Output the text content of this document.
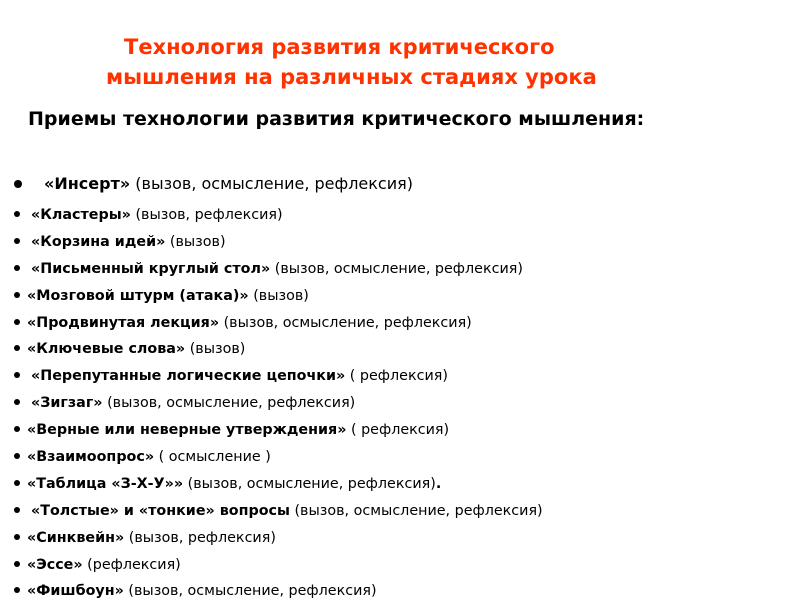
Технология развития критического
мышления на различных стадиях урока
Приемы технологии развития критического мышления:
«Инсерт» (вызов, осмысление, рефлексия)
«Кластеры» (вызов, рефлексия)
«Корзина идей» (вызов)
«Письменный круглый стол» (вызов, осмысление, рефлексия)
«Мозговой штурм (атака)» (вызов)
«Продвинутая лекция» (вызов, осмысление, рефлексия)
«Ключевые слова» (вызов)
«Перепутанные логические цепочки» ( рефлексия)
«Зигзаг» (вызов, осмысление, рефлексия)
«Верные или неверные утверждения» ( рефлексия)
«Взаимоопрос» ( осмысление )
«Таблица «З-Х-У»» (вызов, осмысление, рефлексия).
«Толстые» и «тонкие» вопросы (вызов, осмысление, рефлексия)
«Синквейн» (вызов, рефлексия)
«Эссе» (рефлексия)
«Фишбоун» (вызов, осмысление, рефлексия)
